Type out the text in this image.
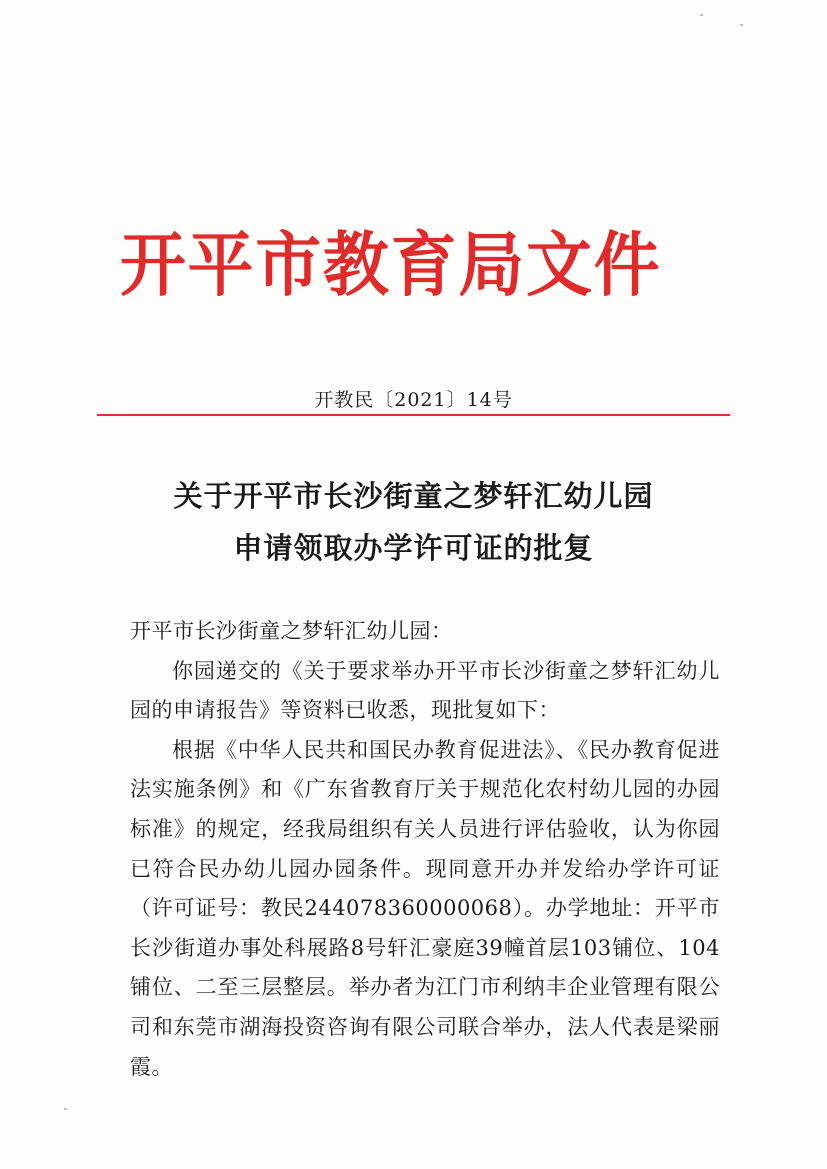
开平市教育局文件
开教民〔2021〕14号
关于开平市长沙街童之梦轩汇幼儿园
申请领取办学许可证的批复

开平市长沙街童之梦轩汇幼儿园：

你园递交的《关于要求举办开平市长沙街童之梦轩汇幼儿园的申请报告》等资料已收悉，现批复如下：

根据《中华人民共和国民办教育促进法》、《民办教育促进法实施条例》和《广东省教育厅关于规范化农村幼儿园的办园标准》的规定，经我局组织有关人员进行评估验收，认为你园已符合民办幼儿园办园条件。现同意开办并发给办学许可证（许可证号：教民244078360000068）。办学地址：开平市长沙街道办事处科展路8号轩汇豪庭39幢首层103铺位、104铺位、二至三层整层。举办者为江门市利纳丰企业管理有限公司和东莞市湖海投资咨询有限公司联合举办，法人代表是梁丽霞。
